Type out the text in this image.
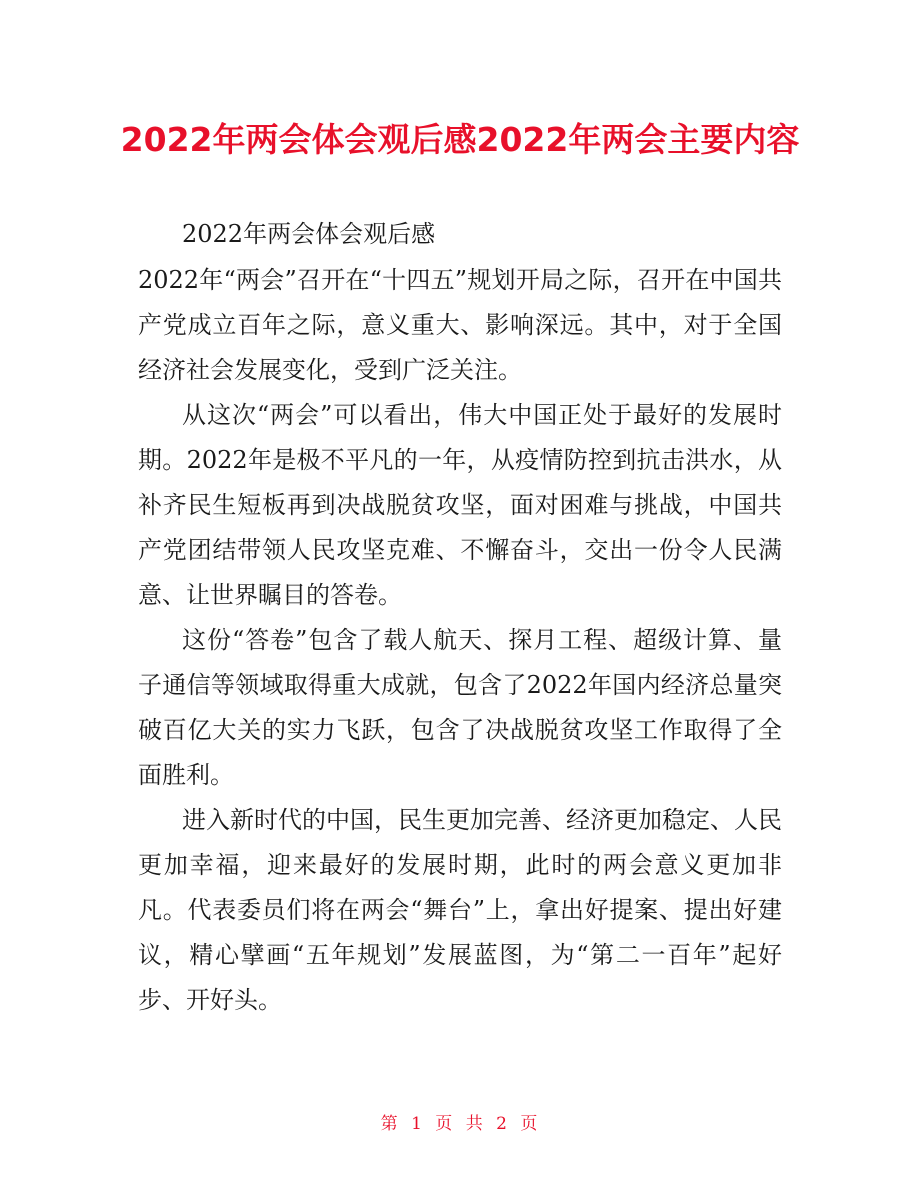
2022年两会体会观后感2022年两会主要内容

2022年两会体会观后感

2022年“两会”召开在“十四五”规划开局之际，召开在中国共产党成立百年之际，意义重大、影响深远。其中，对于全国经济社会发展变化，受到广泛关注。

从这次“两会”可以看出，伟大中国正处于最好的发展时期。2022年是极不平凡的一年，从疫情防控到抗击洪水，从补齐民生短板再到决战脱贫攻坚，面对困难与挑战，中国共产党团结带领人民攻坚克难、不懈奋斗，交出一份令人民满意、让世界瞩目的答卷。

这份“答卷”包含了载人航天、探月工程、超级计算、量子通信等领域取得重大成就，包含了2022年国内经济总量突破百亿大关的实力飞跃，包含了决战脱贫攻坚工作取得了全面胜利。

进入新时代的中国，民生更加完善、经济更加稳定、人民更加幸福，迎来最好的发展时期，此时的两会意义更加非凡。代表委员们将在两会“舞台”上，拿出好提案、提出好建议，精心擘画“五年规划”发展蓝图，为“第二一百年”起好步、开好头。

第 1 页 共 2 页
